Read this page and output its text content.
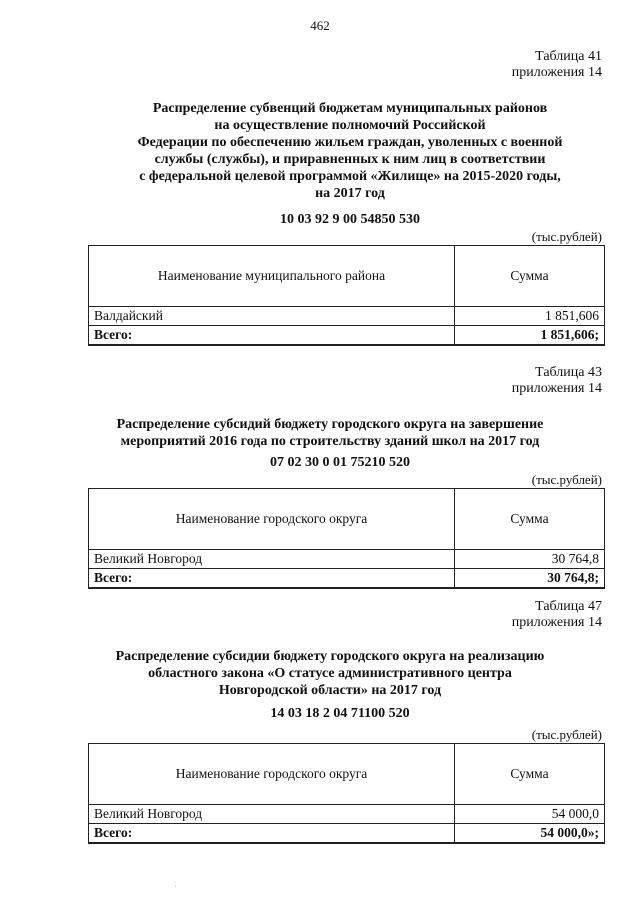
462
Таблица 41
приложения 14
Распределение субвенций бюджетам муниципальных районов
на осуществление полномочий Российской
Федерации по обеспечению жильем граждан, уволенных с военной
службы (службы), и приравненных к ним лиц в соответствии
с федеральной целевой программой «Жилище» на 2015-2020 годы,
на 2017 год
10 03 92 9 00 54850 530
(тыс.рублей)
Наименование муниципального района	Сумма
Валдайский	1 851,606
Всего:	1 851,606;
Таблица 43
приложения 14
Распределение субсидий бюджету городского округа на завершение
мероприятий 2016 года по строительству зданий школ на 2017 год
07 02 30 0 01 75210 520
(тыс.рублей)
Наименование городского округа	Сумма
Великий Новгород	30 764,8
Всего:	30 764,8;
Таблица 47
приложения 14
Распределение субсидии бюджету городского округа на реализацию
областного закона «О статусе административного центра
Новгородской области» на 2017 год
14 03 18 2 04 71100 520
(тыс.рублей)
Наименование городского округа	Сумма
Великий Новгород	54 000,0
Всего:	54 000,0»;
